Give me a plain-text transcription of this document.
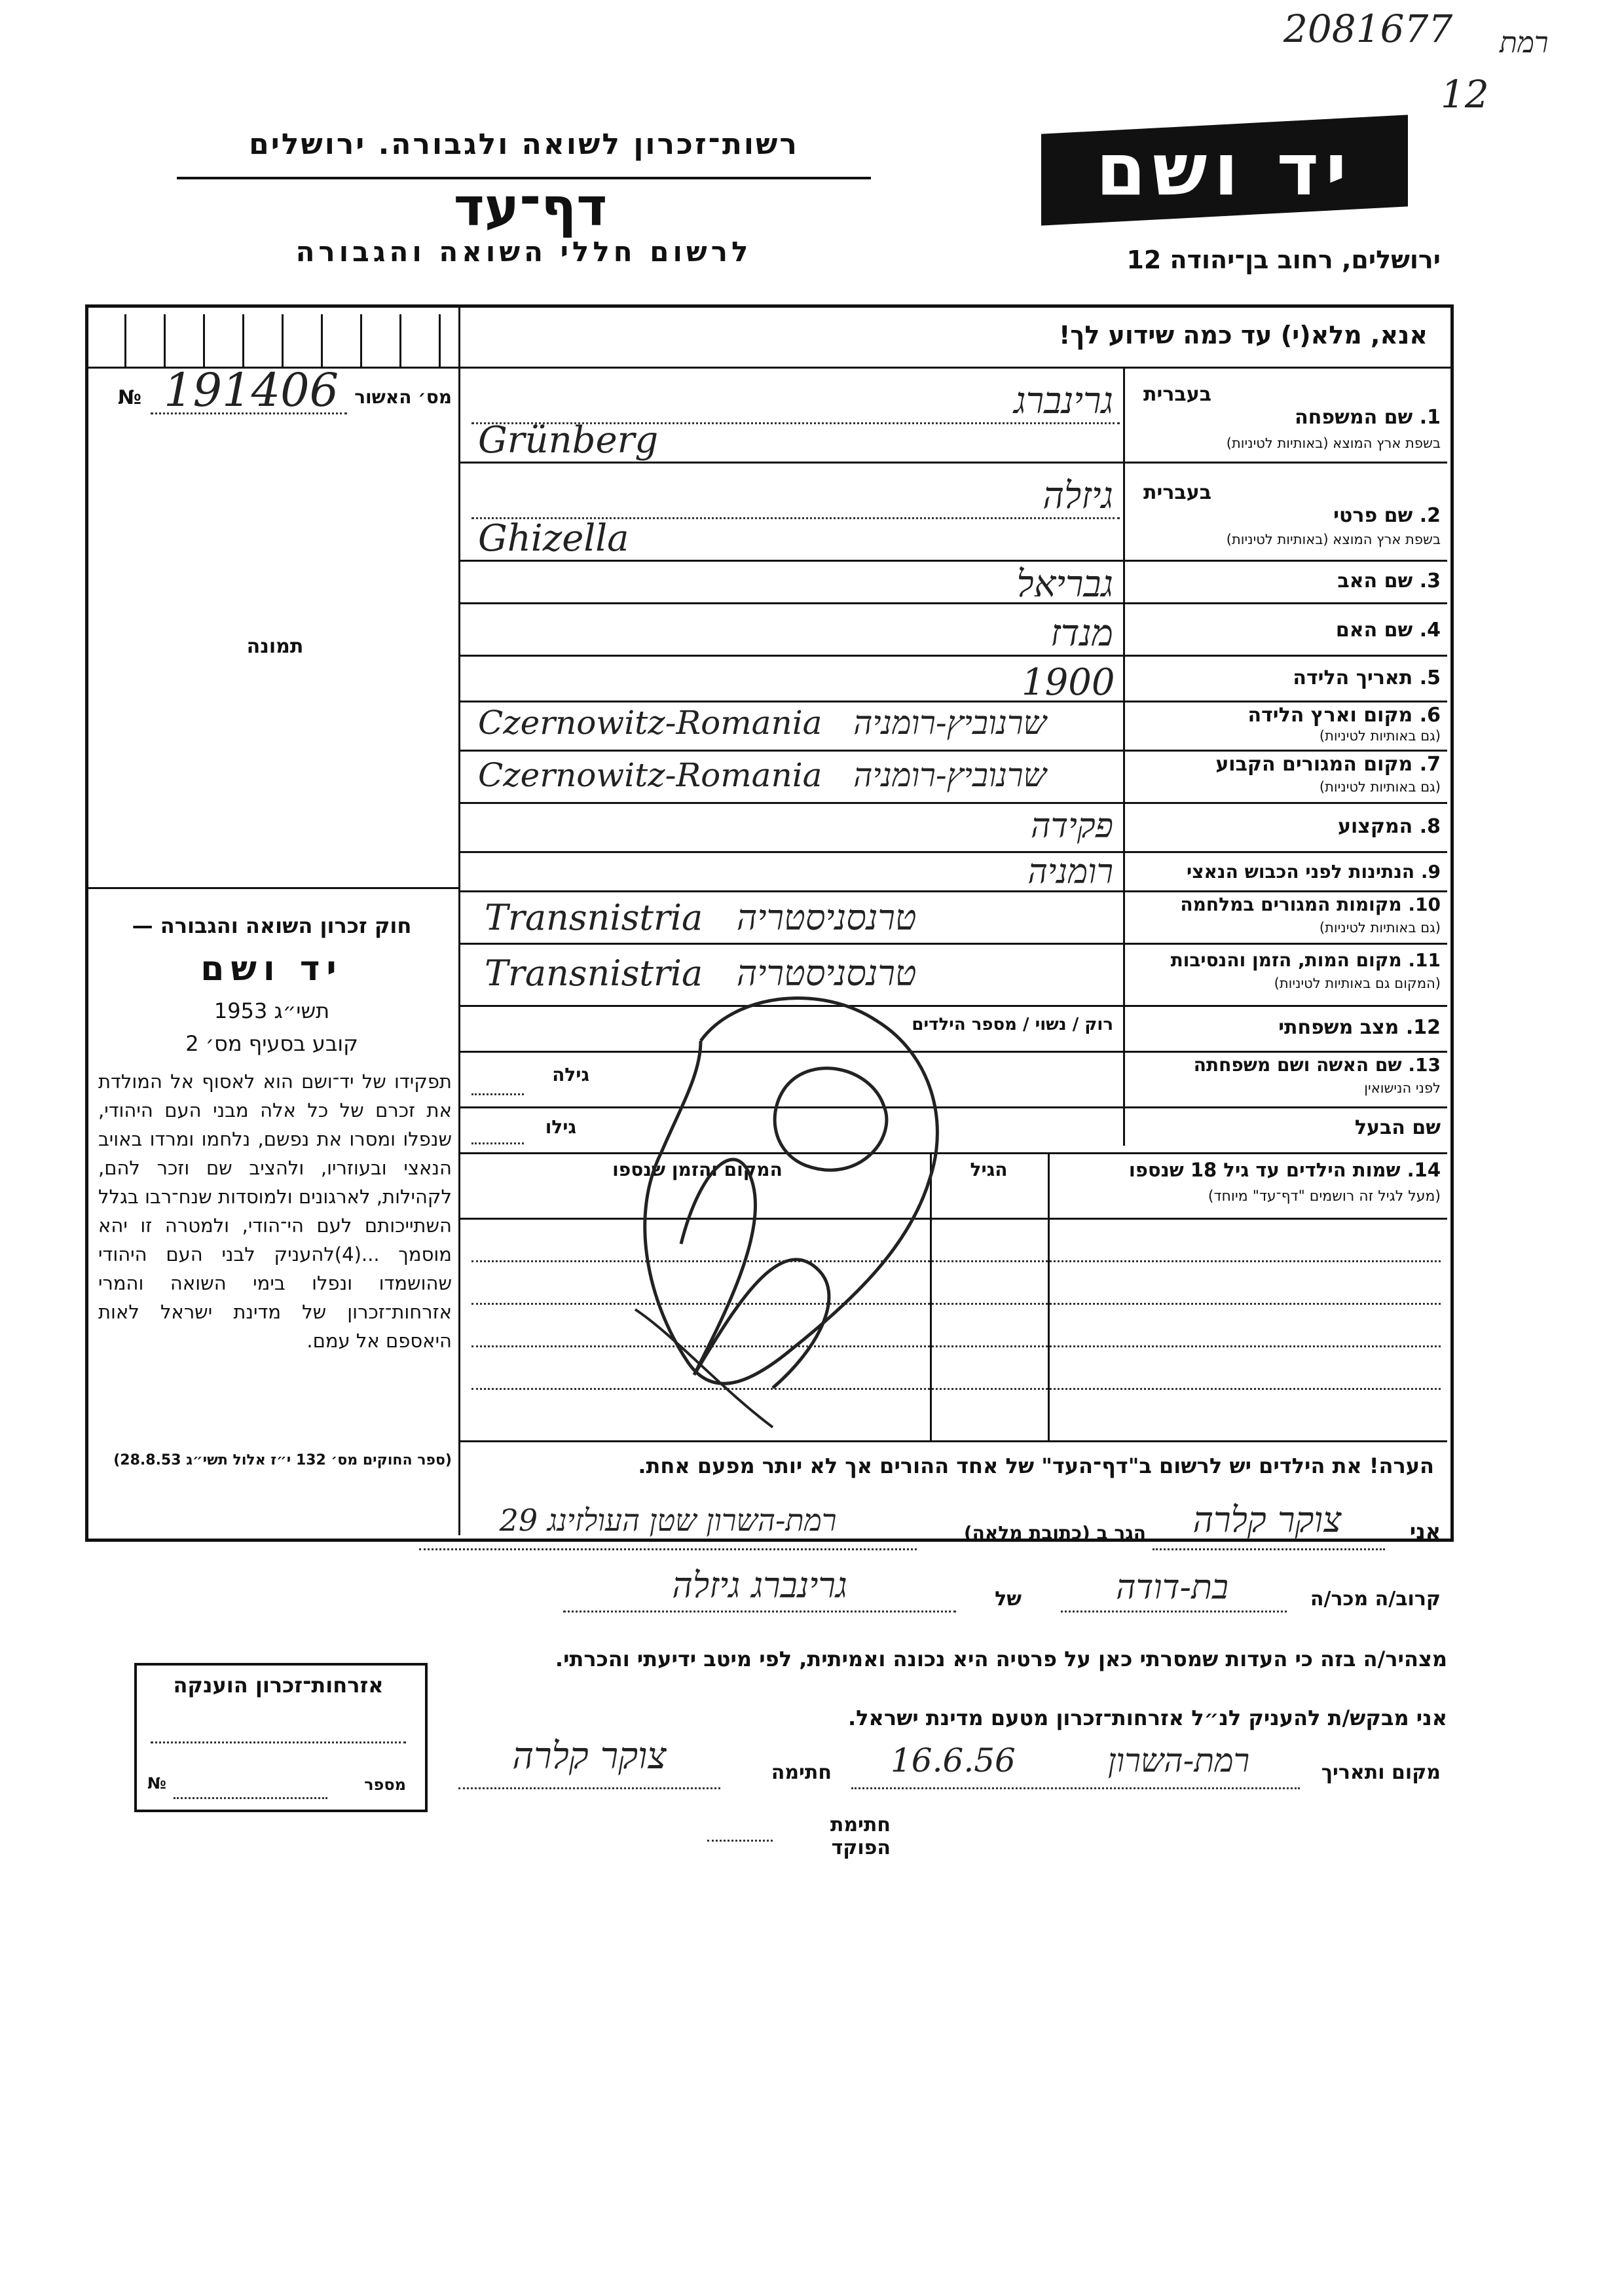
2081677 רמת
12
רשות־זכרון לשואה ולגבורה. ירושלים
דף־עד
לרשום חללי השואה והגבורה
יד ושם
ירושלים, רחוב בן־יהודה 12
אנא, מלא(י) עד כמה שידוע לך!
מס׳ האשור
№ 191406
תמונה
חוק זכרון השואה והגבורה —
יד ושם
תשי״ג 1953
קובע בסעיף מס׳ 2
תפקידו של יד־ושם הוא לאסוף אל המולדת את זכרם של כל אלה מבני העם היהודי, שנפלו ומסרו את נפשם, נלחמו ומרדו באויב הנאצי ובעוזריו, ולהציב שם וזכר להם, לקהילות, לארגונים ולמוסדות שנח־רבו בגלל השתייכותם לעם הי־הודי, ולמטרה זו יהא מוסמך ...(4)להעניק לבני העם היהודי שהושמדו ונפלו בימי השואה והמרי אזרחות־זכרון של מדינת ישראל לאות היאספם אל עמם.
(ספר החוקים מס׳ 132 י״ז אלול תשי״ג 28.8.53)
בעברית
1. שם המשפחה
בשפת ארץ המוצא (באותיות לטיניות)
גרינברג
Grünberg
בעברית
2. שם פרטי
בשפת ארץ המוצא (באותיות לטיניות)
גיזלה
Ghizella
3. שם האב
גבריאל
4. שם האם
מנדז
5. תאריך הלידה
1900
6. מקום וארץ הלידה
(גם באותיות לטיניות)
Czernowitz-Romania   שרנוביץ-רומניה
7. מקום המגורים הקבוע
(גם באותיות לטיניות)
Czernowitz-Romania   שרנוביץ-רומניה
8. המקצוע
פקידה
9. הנתינות לפני הכבוש הנאצי
רומניה
10. מקומות המגורים במלחמה
(גם באותיות לטיניות)
Transnistria   טרנסניסטריה
11. מקום המות, הזמן והנסיבות
(המקום גם באותיות לטיניות)
Transnistria   טרנסניסטריה
12. מצב משפחתי
רוק / נשוי / מספר הילדים
13. שם האשה ושם משפחתה
לפני הנישואין
גילה
שם הבעל
גילו
14. שמות הילדים עד גיל 18 שנספו
(מעל לגיל זה רושמים "דף־עד" מיוחד)
הגיל
המקום והזמן שנספו
הערה! את הילדים יש לרשום ב"דף־העד" של אחד ההורים אך לא יותר מפעם אחת.
אני
צוקר קלרה
הגר ב (כתובת מלאה)
רמת-השרון שטן העולזינג 29
קרוב/ה מכר/ה
בת-דודה
של
גרינברג גיזלה
מצהיר/ה בזה כי העדות שמסרתי כאן על פרטיה היא נכונה ואמיתית, לפי מיטב ידיעתי והכרתי.
אני מבקש/ת להעניק לנ״ל אזרחות־זכרון מטעם מדינת ישראל.
מקום ותאריך
רמת-השרון
16.6.56
חתימה
צוקר קלרה
חתימת הפוקד
אזרחות־זכרון הוענקה
№	מספר
